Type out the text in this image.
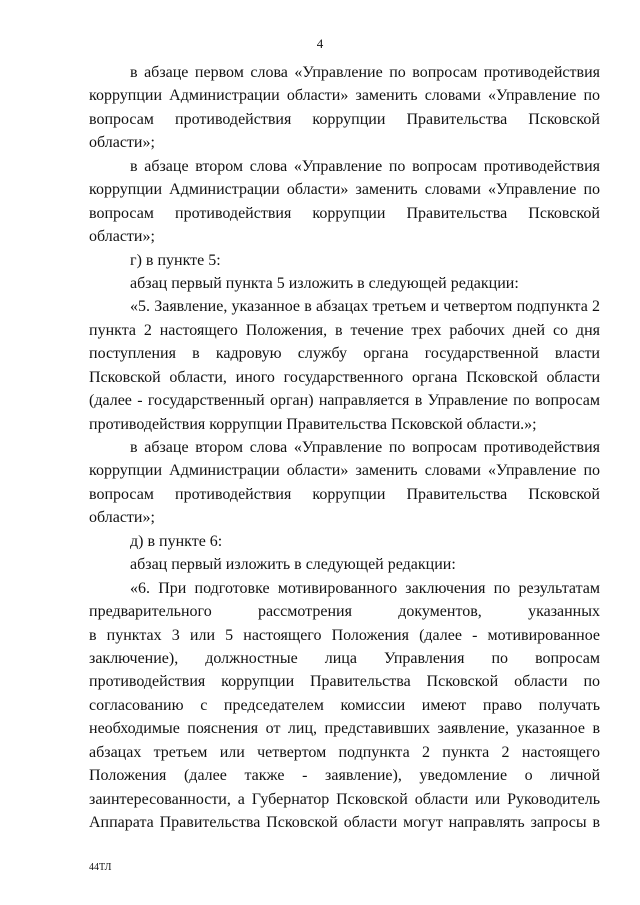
4
в абзаце первом слова «Управление по вопросам противодействия
коррупции Администрации области» заменить словами «Управление по
вопросам противодействия коррупции Правительства Псковской
области»;
в абзаце втором слова «Управление по вопросам противодействия
коррупции Администрации области» заменить словами «Управление по
вопросам противодействия коррупции Правительства Псковской
области»;
г) в пункте 5:
абзац первый пункта 5 изложить в следующей редакции:
«5. Заявление, указанное в абзацах третьем и четвертом подпункта 2
пункта 2 настоящего Положения, в течение трех рабочих дней со дня
поступления в кадровую службу органа государственной власти
Псковской области, иного государственного органа Псковской области
(далее - государственный орган) направляется в Управление по вопросам
противодействия коррупции Правительства Псковской области.»;
в абзаце втором слова «Управление по вопросам противодействия
коррупции Администрации области» заменить словами «Управление по
вопросам противодействия коррупции Правительства Псковской
области»;
д) в пункте 6:
абзац первый изложить в следующей редакции:
«6. При подготовке мотивированного заключения по результатам
предварительного рассмотрения документов, указанных
в пунктах 3 или 5 настоящего Положения (далее - мотивированное
заключение), должностные лица Управления по вопросам
противодействия коррупции Правительства Псковской области по
согласованию с председателем комиссии имеют право получать
необходимые пояснения от лиц, представивших заявление, указанное в
абзацах третьем или четвертом подпункта 2 пункта 2 настоящего
Положения (далее также - заявление), уведомление о личной
заинтересованности, а Губернатор Псковской области или Руководитель
Аппарата Правительства Псковской области могут направлять запросы в
44ТЛ
